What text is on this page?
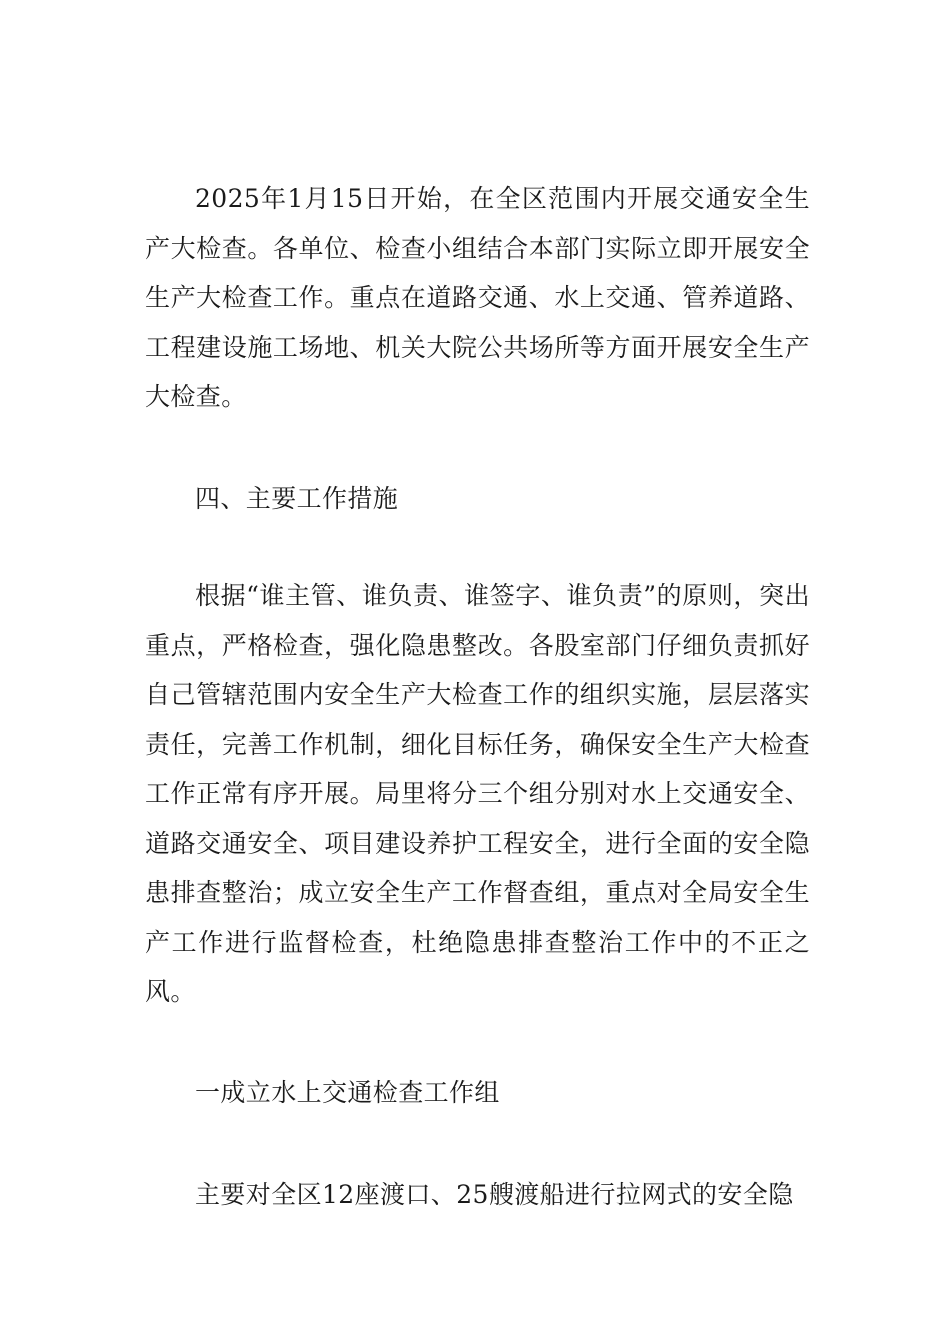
2025年1月15日开始，在全区范围内开展交通安全生产大检查。各单位、检查小组结合本部门实际立即开展安全生产大检查工作。重点在道路交通、水上交通、管养道路、工程建设施工场地、机关大院公共场所等方面开展安全生产大检查。

四、主要工作措施

根据“谁主管、谁负责、谁签字、谁负责”的原则，突出重点，严格检查，强化隐患整改。各股室部门仔细负责抓好自己管辖范围内安全生产大检查工作的组织实施，层层落实责任，完善工作机制，细化目标任务，确保安全生产大检查工作正常有序开展。局里将分三个组分别对水上交通安全、道路交通安全、项目建设养护工程安全，进行全面的安全隐患排查整治；成立安全生产工作督查组，重点对全局安全生产工作进行监督检查，杜绝隐患排查整治工作中的不正之风。

一成立水上交通检查工作组

主要对全区12座渡口、25艘渡船进行拉网式的安全隐
